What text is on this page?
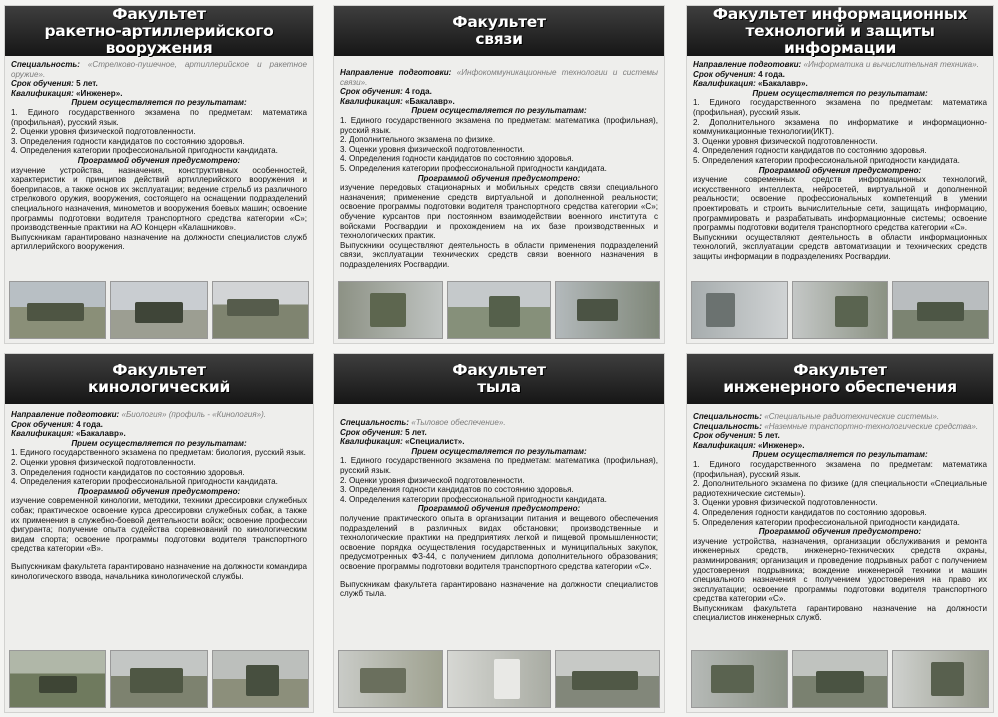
Факультет
ракетно-артиллерийского вооружения

Специальность: «Стрелково-пушечное, артиллерийское и ракетное оружие».

Срок обучения: 5 лет.

Квалификация: «Инженер».

Прием осуществляется по результатам:

1. Единого государственного экзамена по предметам: математика (профильная), русский язык.

2. Оценки уровня физической подготовленности.

3. Определения годности кандидатов по состоянию здоровья.

4. Определения категории профессиональной пригодности кандидата.

Программой обучения предусмотрено:

изучение устройства, назначения, конструктивных особенностей, характеристик и принципов действий артиллерийского вооружения и боеприпасов, а также основ их эксплуатации; ведение стрельб из различного стрелкового оружия, вооружения, состоящего на оснащении подразделений специального назначения, минометов и вооружения боевых машин; освоение программы подготовки водителя транспортного средства категории «С»; производственные практики на АО Концерн «Калашников».

Выпускникам гарантировано назначение на должности специалистов служб артиллерийского вооружения.

Факультет
связи

Направление подготовки: «Инфокоммуникационные технологии и системы связи».

Срок обучения: 4 года.

Квалификация: «Бакалавр».

Прием осуществляется по результатам:

1. Единого государственного экзамена по предметам: математика (профильная), русский язык.

2. Дополнительного экзамена по физике.

3. Оценки уровня физической подготовленности.

4. Определения годности кандидатов по состоянию здоровья.

5. Определения категории профессиональной пригодности кандидата.

Программой обучения предусмотрено:

изучение передовых стационарных и мобильных средств связи специального назначения; применение средств виртуальной и дополненной реальности; освоение программы подготовки водителя транспортного средства категории «С»; обучение курсантов при постоянном взаимодействии военного института с войсками Росгвардии и прохождением на их базе производственных и технологических практик.

Выпускники осуществляют деятельность в области применения подразделений связи, эксплуатации технических средств связи военного назначения в подразделениях Росгвардии.

Факультет информационных
технологий и защиты информации

Направление подготовки: «Информатика и вычислительная техника».

Срок обучения: 4 года.

Квалификация: «Бакалавр».

Прием осуществляется по результатам:

1. Единого государственного экзамена по предметам: математика (профильная), русский язык.

2. Дополнительного экзамена по информатике и информационно-коммуникационные технологии(ИКТ).

3. Оценки уровня физической подготовленности.

4. Определения годности кандидатов по состоянию здоровья.

5. Определения категории профессиональной пригодности кандидата.

Программой обучения предусмотрено:

изучение современных средств информационных технологий, искусственного интеллекта, нейросетей, виртуальной и дополненной реальности; освоение профессиональных компетенций в умении проектировать и строить вычислительные сети, защищать информацию, программировать и разрабатывать информационные системы; освоение программы подготовки водителя транспортного средства категории «С».

Выпускники осуществляют деятельность в области информационных технологий, эксплуатации средств автоматизации и технических средств защиты информации в подразделениях Росгвардии.

Факультет
кинологический

Направление подготовки: «Биология» (профиль - «Кинология»).

Срок обучения: 4 года.

Квалификация: «Бакалавр».

Прием осуществляется по результатам:

1. Единого государственного экзамена по предметам: биология, русский язык.

2. Оценки уровня физической подготовленности.

3. Определения годности кандидатов по состоянию здоровья.

4. Определения категории профессиональной пригодности кандидата.

Программой обучения предусмотрено:

изучение современной кинологии, методики, техники дрессировки служебных собак; практическое освоение курса дрессировки служебных собак, а также их применения в служебно-боевой деятельности войск; освоение профессии фигуранта; получение опыта судейства соревнований по кинологическим видам спорта; освоение программы подготовки водителя транспортного средства категории «В».

Выпускникам факультета гарантировано назначение на должности командира кинологического взвода, начальника кинологической службы.

Факультет
тыла

Специальность: «Тыловое обеспечение».

Срок обучения: 5 лет.

Квалификация: «Специалист».

Прием осуществляется по результатам:

1. Единого государственного экзамена по предметам: математика (профильная), русский язык.

2. Оценки уровня физической подготовленности.

3. Определения годности кандидатов по состоянию здоровья.

4. Определения категории профессиональной пригодности кандидата.

Программой обучения предусмотрено:

получение практического опыта в организации питания и вещевого обеспечения подразделений в различных видах обстановки; производственные и технологические практики на предприятиях легкой и пищевой промышленности; освоение порядка осуществления государственных и муниципальных закупок, предусмотренных ФЗ-44, с получением диплома дополнительного образования; освоение программы подготовки водителя транспортного средства категории «С».

Выпускникам факультета гарантировано назначение на должности специалистов служб тыла.

Факультет
инженерного обеспечения

Специальность: «Специальные радиотехнические системы».

Специальность: «Наземные транспортно-технологические средства».

Срок обучения: 5 лет.

Квалификация: «Инженер».

Прием осуществляется по результатам:

1. Единого государственного экзамена по предметам: математика (профильная), русский язык.

2. Дополнительного экзамена по физике (для специальности «Специальные радиотехнические системы»).

3. Оценки уровня физической подготовленности.

4. Определения годности кандидатов по состоянию здоровья.

5. Определения категории профессиональной пригодности кандидата.

Программой обучения предусмотрено:

изучение устройства, назначения, организации обслуживания и ремонта инженерных средств, инженерно-технических средств охраны, разминирования; организация и проведение подрывных работ с получением удостоверения подрывника; вождение инженерной техники и машин специального назначения с получением удостоверения на право их эксплуатации; освоение программы подготовки водителя транспортного средства категории «С».

Выпускникам факультета гарантировано назначение на должности специалистов инженерных служб.
